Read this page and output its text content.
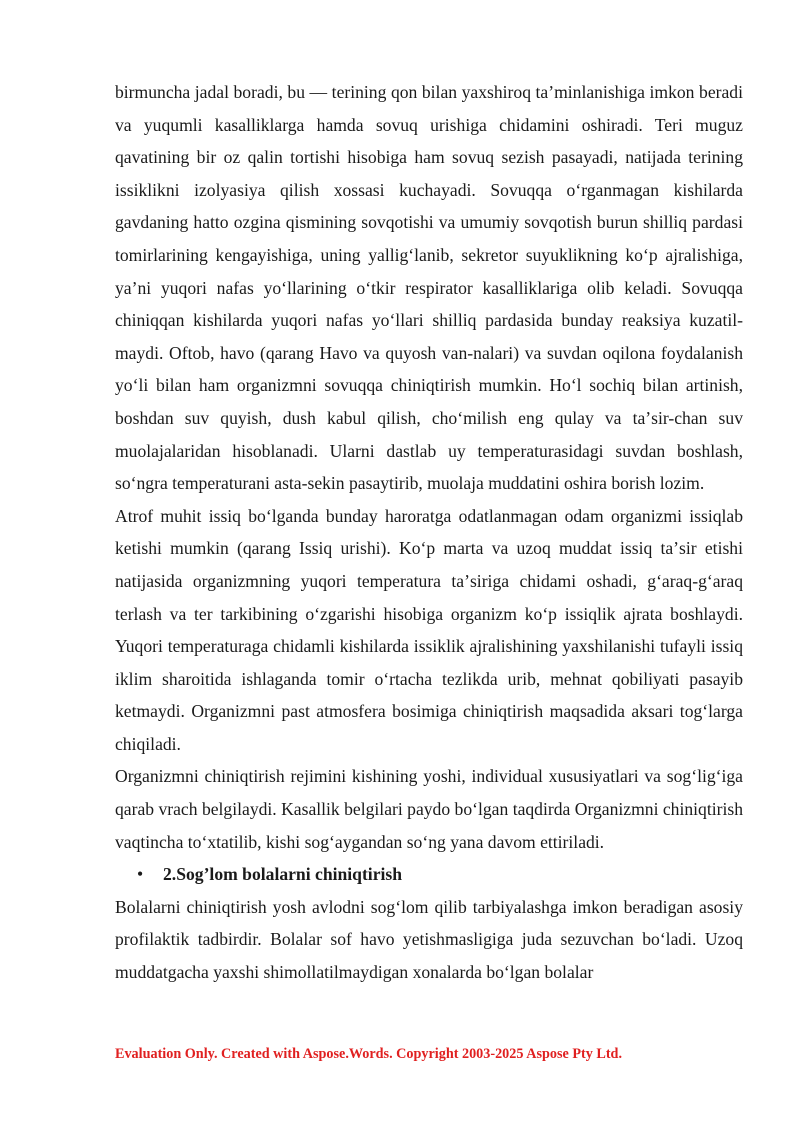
birmuncha jadal boradi, bu — terining qon bilan yaxshiroq taʼminlanishiga imkon beradi va yuqumli kasalliklarga hamda sovuq urishiga chidamini oshiradi. Teri muguz qavatining bir oz qalin tortishi hisobiga ham sovuq sezish pasayadi, natijada terining issiklikni izolyasiya qilish xossasi kuchayadi. Sovuqqa oʻrganmagan kishilarda gavdaning hatto ozgina qismining sovqotishi va umumiy sovqotish burun shilliq pardasi tomirlarining kengayishiga, uning yalligʻlanib, sekretor suyuklikning koʻp ajralishiga, yaʼni yuqori nafas yoʻllarining oʻtkir respirator kasalliklariga olib keladi. Sovuqqa chiniqqan kishilarda yuqori nafas yoʻllari shilliq pardasida bunday reaksiya kuzatil-maydi. Oftob, havo (qarang Havo va quyosh van-nalari) va suvdan oqilona foydalanish yoʻli bilan ham organizmni sovuqqa chiniqtirish mumkin. Hoʻl sochiq bilan artinish, boshdan suv quyish, dush kabul qilish, choʻmilish eng qulay va taʼsir-chan suv muolajalaridan hisoblanadi. Ularni dastlab uy temperaturasidagi suvdan boshlash, soʻngra temperaturani asta-sekin pasaytirib, muolaja muddatini oshira borish lozim.

Atrof muhit issiq boʻlganda bunday haroratga odatlanmagan odam organizmi issiqlab ketishi mumkin (qarang Issiq urishi). Koʻp marta va uzoq muddat issiq taʼsir etishi natijasida organizmning yuqori temperatura taʼsiriga chidami oshadi, gʻaraq-gʻaraq terlash va ter tarkibining oʻzgarishi hisobiga organizm koʻp issiqlik ajrata boshlaydi. Yuqori temperaturaga chidamli kishilarda issiklik ajralishining yaxshilanishi tufayli issiq iklim sharoitida ishlaganda tomir oʻrtacha tezlikda urib, mehnat qobiliyati pasayib ketmaydi. Organizmni past atmosfera bosimiga chiniqtirish maqsadida aksari togʻlarga chiqiladi.

Organizmni chiniqtirish rejimini kishining yoshi, individual xususiyatlari va sogʻligʻiga qarab vrach belgilaydi. Kasallik belgilari paydo boʻlgan taqdirda Organizmni chiniqtirish vaqtincha toʻxtatilib, kishi sogʻaygandan soʻng yana davom ettiriladi.

• 2.Sog’lom bolalarni chiniqtirish

Bolalarni chiniqtirish yosh avlodni sogʻlom qilib tarbiyalashga imkon beradigan asosiy profilaktik tadbirdir. Bolalar sof havo yetishmasligiga juda sezuvchan boʻladi. Uzoq muddatgacha yaxshi shimollatilmaydigan xonalarda boʻlgan bolalar

Evaluation Only. Created with Aspose.Words. Copyright 2003-2025 Aspose Pty Ltd.
